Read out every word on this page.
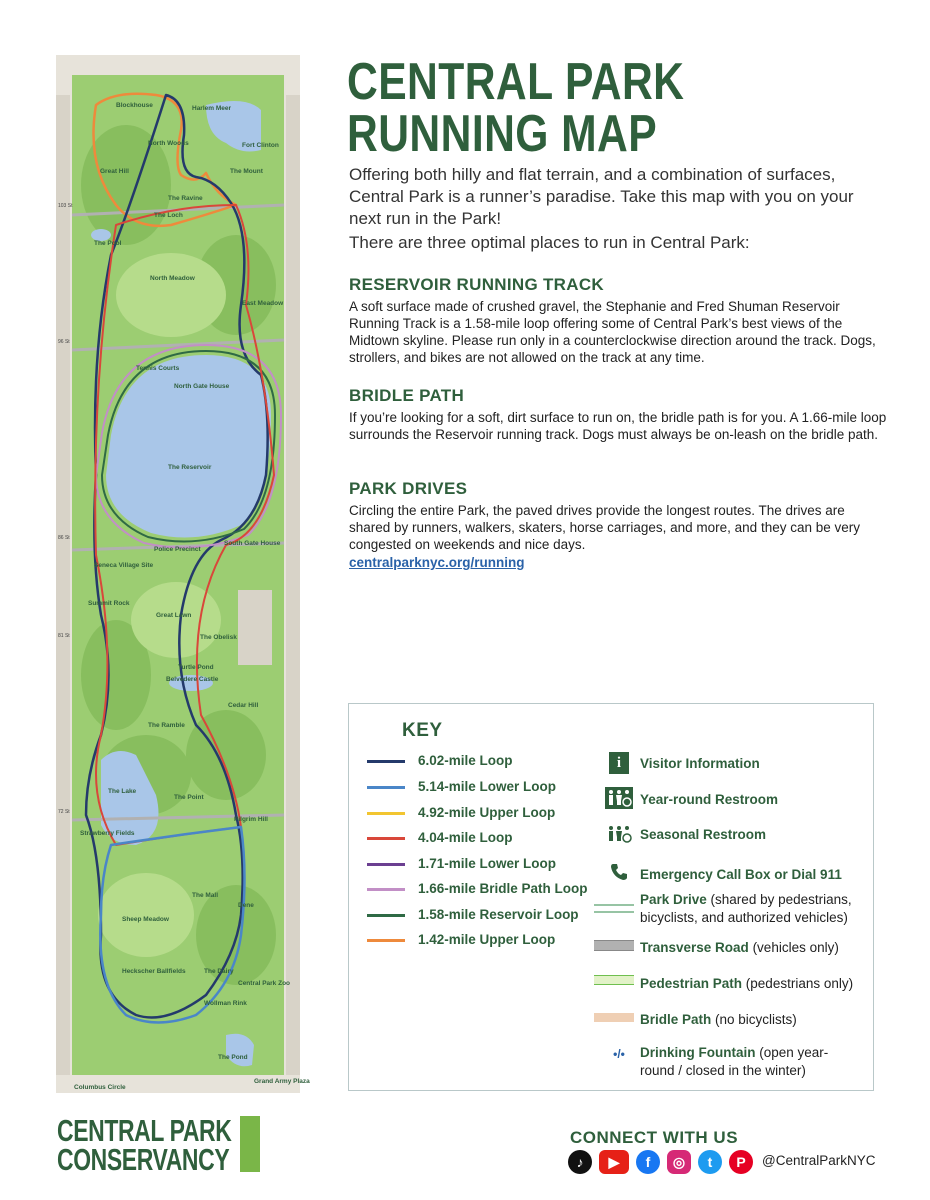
Blockhouse	Harlem Meer
North Woods
Great Hill
Fort Clinton
The Mount
The Ravine
The Loch
The Pool
North Meadow
East Meadow
Tennis Courts
North Gate House
The Reservoir
Police Precinct
South Gate House
Seneca Village Site
Summit Rock
Great Lawn
The Obelisk
Turtle Pond
Belvedere Castle
Cedar Hill
The Ramble
The Lake
The Point
Strawberry Fields
Pilgrim Hill
The Mall
Sheep Meadow
Dene
The Dairy
Central Park Zoo
Heckscher Ballfields
Wollman Rink
The Pond
Grand Army Plaza
Columbus Circle
103 St
96 St
86 St
81 St
72 St
CENTRAL PARK
RUNNING MAP

Offering both hilly and flat terrain, and a combination of surfaces, Central Park is a runner’s paradise. Take this map with you on your next run in the Park!

There are three optimal places to run in Central Park:

RESERVOIR RUNNING TRACK

A soft surface made of crushed gravel, the Stephanie and Fred Shuman Reservoir Running Track is a 1.58-mile loop offering some of Central Park’s best views of the Midtown skyline. Please run only in a counterclockwise direction around the track. Dogs, strollers, and bikes are not allowed on the track at any time.

BRIDLE PATH

If you’re looking for a soft, dirt surface to run on, the bridle path is for you. A 1.66-mile loop surrounds the Reservoir running track. Dogs must always be on-leash on the bridle path.

PARK DRIVES

Circling the entire Park, the paved drives provide the longest routes. The drives are shared by runners, walkers, skaters, horse carriages, and more, and they can be very congested on weekends and nice days.

centralparknyc.org/running
KEY
6.02-mile Loop
5.14-mile Lower Loop
4.92-mile Upper Loop
4.04-mile Loop
1.71-mile Lower Loop
1.66-mile Bridle Path Loop
1.58-mile Reservoir Loop
1.42-mile Upper Loop
i	Visitor Information
Year-round Restroom
Seasonal Restroom
Emergency Call Box or Dial 911
Park Drive (shared by pedestrians,
bicyclists, and authorized vehicles)
Transverse Road (vehicles only)
Pedestrian Path (pedestrians only)
Bridle Path (no bicyclists)
•/• Drinking Fountain (open year-
round / closed in the winter)
CENTRAL PARK
CONSERVANCY
CONNECT WITH US
♪	▶	f	◎	t	P	@CentralParkNYC
